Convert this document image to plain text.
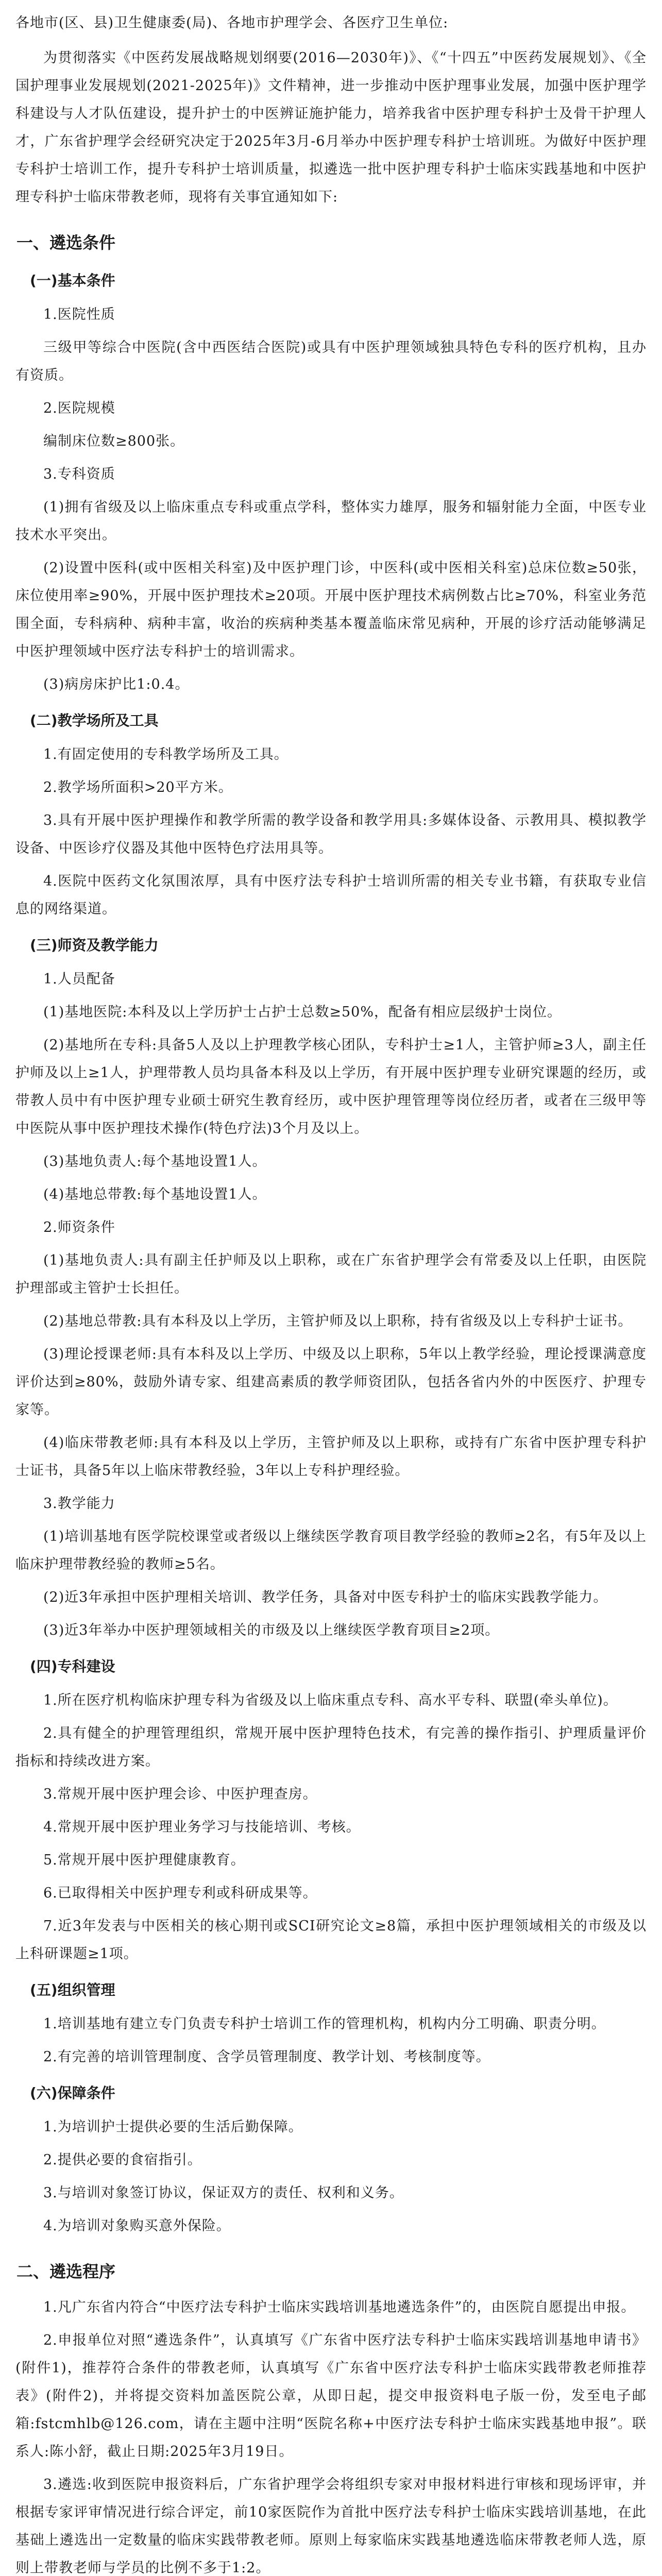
各地市(区、县)卫生健康委(局)、各地市护理学会、各医疗卫生单位:

为贯彻落实《中医药发展战略规划纲要(2016—2030年)》、《“十四五”中医药发展规划》、《全国护理事业发展规划(2021-2025年)》文件精神，进一步推动中医护理事业发展，加强中医护理学科建设与人才队伍建设，提升护士的中医辨证施护能力，培养我省中医护理专科护士及骨干护理人才，广东省护理学会经研究决定于2025年3月-6月举办中医护理专科护士培训班。为做好中医护理专科护士培训工作，提升专科护士培训质量，拟遴选一批中医护理专科护士临床实践基地和中医护理专科护士临床带教老师，现将有关事宜通知如下:

一、遴选条件
(一)基本条件

1.医院性质

三级甲等综合中医院(含中西医结合医院)或具有中医护理领域独具特色专科的医疗机构，且办有资质。

2.医院规模

编制床位数≥800张。

3.专科资质

(1)拥有省级及以上临床重点专科或重点学科，整体实力雄厚，服务和辐射能力全面，中医专业技术水平突出。

(2)设置中医科(或中医相关科室)及中医护理门诊，中医科(或中医相关科室)总床位数≥50张，床位使用率≥90%，开展中医护理技术≥20项。开展中医护理技术病例数占比≥70%，科室业务范围全面，专科病种、病种丰富，收治的疾病种类基本覆盖临床常见病种，开展的诊疗活动能够满足中医护理领域中医疗法专科护士的培训需求。

(3)病房床护比1:0.4。

(二)教学场所及工具

1.有固定使用的专科教学场所及工具。

2.教学场所面积>20平方米。

3.具有开展中医护理操作和教学所需的教学设备和教学用具:多媒体设备、示教用具、模拟教学设备、中医诊疗仪器及其他中医特色疗法用具等。

4.医院中医药文化氛围浓厚，具有中医疗法专科护士培训所需的相关专业书籍，有获取专业信息的网络渠道。

(三)师资及教学能力

1.人员配备

(1)基地医院:本科及以上学历护士占护士总数≥50%，配备有相应层级护士岗位。

(2)基地所在专科:具备5人及以上护理教学核心团队，专科护士≥1人，主管护师≥3人，副主任护师及以上≥1人，护理带教人员均具备本科及以上学历，有开展中医护理专业研究课题的经历，或带教人员中有中医护理专业硕士研究生教育经历，或中医护理管理等岗位经历者，或者在三级甲等中医院从事中医护理技术操作(特色疗法)3个月及以上。

(3)基地负责人:每个基地设置1人。

(4)基地总带教:每个基地设置1人。

2.师资条件

(1)基地负责人:具有副主任护师及以上职称，或在广东省护理学会有常委及以上任职，由医院护理部或主管护士长担任。

(2)基地总带教:具有本科及以上学历，主管护师及以上职称，持有省级及以上专科护士证书。

(3)理论授课老师:具有本科及以上学历、中级及以上职称，5年以上教学经验，理论授课满意度评价达到≥80%，鼓励外请专家、组建高素质的教学师资团队，包括各省内外的中医医疗、护理专家等。

(4)临床带教老师:具有本科及以上学历，主管护师及以上职称，或持有广东省中医护理专科护士证书，具备5年以上临床带教经验，3年以上专科护理经验。

3.教学能力

(1)培训基地有医学院校课堂或者级以上继续医学教育项目教学经验的教师≥2名，有5年及以上临床护理带教经验的教师≥5名。

(2)近3年承担中医护理相关培训、教学任务，具备对中医专科护士的临床实践教学能力。

(3)近3年举办中医护理领域相关的市级及以上继续医学教育项目≥2项。

(四)专科建设

1.所在医疗机构临床护理专科为省级及以上临床重点专科、高水平专科、联盟(牵头单位)。

2.具有健全的护理管理组织，常规开展中医护理特色技术，有完善的操作指引、护理质量评价指标和持续改进方案。

3.常规开展中医护理会诊、中医护理查房。

4.常规开展中医护理业务学习与技能培训、考核。

5.常规开展中医护理健康教育。

6.已取得相关中医护理专利或科研成果等。

7.近3年发表与中医相关的核心期刊或SCI研究论文≥8篇，承担中医护理领域相关的市级及以上科研课题≥1项。

(五)组织管理

1.培训基地有建立专门负责专科护士培训工作的管理机构，机构内分工明确、职责分明。

2.有完善的培训管理制度、含学员管理制度、教学计划、考核制度等。

(六)保障条件

1.为培训护士提供必要的生活后勤保障。

2.提供必要的食宿指引。

3.与培训对象签订协议，保证双方的责任、权利和义务。

4.为培训对象购买意外保险。

二、遴选程序

1.凡广东省内符合“中医疗法专科护士临床实践培训基地遴选条件”的，由医院自愿提出申报。

2.申报单位对照“遴选条件”，认真填写《广东省中医疗法专科护士临床实践培训基地申请书》(附件1)，推荐符合条件的带教老师，认真填写《广东省中医疗法专科护士临床实践带教老师推荐表》(附件2)，并将提交资料加盖医院公章，从即日起，提交申报资料电子版一份，发至电子邮箱:fstcmhlb@126.com，请在主题中注明“医院名称+中医疗法专科护士临床实践基地申报”。联系人:陈小舒，截止日期:2025年3月19日。

3.遴选:收到医院申报资料后，广东省护理学会将组织专家对申报材料进行审核和现场评审，并根据专家评审情况进行综合评定，前10家医院作为首批中医疗法专科护士临床实践培训基地，在此基础上遴选出一定数量的临床实践带教老师。原则上每家临床实践基地遴选临床带教老师人选，原则上带教老师与学员的比例不多于1:2。
